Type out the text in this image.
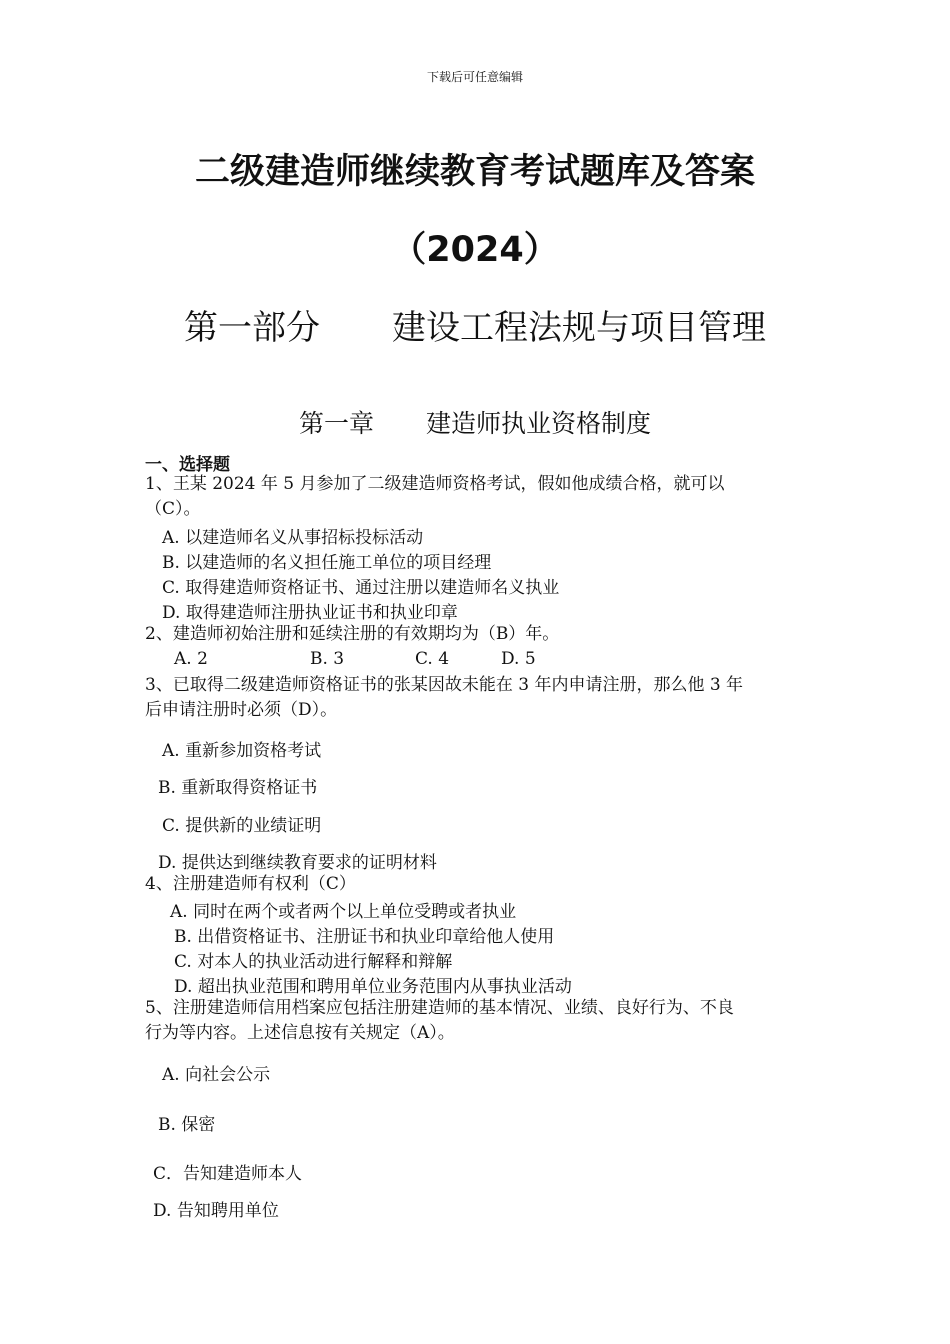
下载后可任意编辑
二级建造师继续教育考试题库及答案
（2024）
第一部分 建设工程法规与项目管理
第一章 建造师执业资格制度
一、选择题
1、王某 2024 年 5 月参加了二级建造师资格考试，假如他成绩合格，就可以
（C）。
A. 以建造师名义从事招标投标活动
B. 以建造师的名义担任施工单位的项目经理
C. 取得建造师资格证书、通过注册以建造师名义执业
D. 取得建造师注册执业证书和执业印章
2、建造师初始注册和延续注册的有效期均为（B）年。
A. 2	B. 3	C. 4	D. 5
3、已取得二级建造师资格证书的张某因故未能在 3 年内申请注册，那么他 3 年
后申请注册时必须（D）。
A. 重新参加资格考试
B. 重新取得资格证书
C. 提供新的业绩证明
D. 提供达到继续教育要求的证明材料
4、注册建造师有权利（C）
A. 同时在两个或者两个以上单位受聘或者执业
B. 出借资格证书、注册证书和执业印章给他人使用
C. 对本人的执业活动进行解释和辩解
D. 超出执业范围和聘用单位业务范围内从事执业活动
5、注册建造师信用档案应包括注册建造师的基本情况、业绩、良好行为、不良
行为等内容。上述信息按有关规定（A）。
A. 向社会公示
B. 保密
C．告知建造师本人
D. 告知聘用单位
